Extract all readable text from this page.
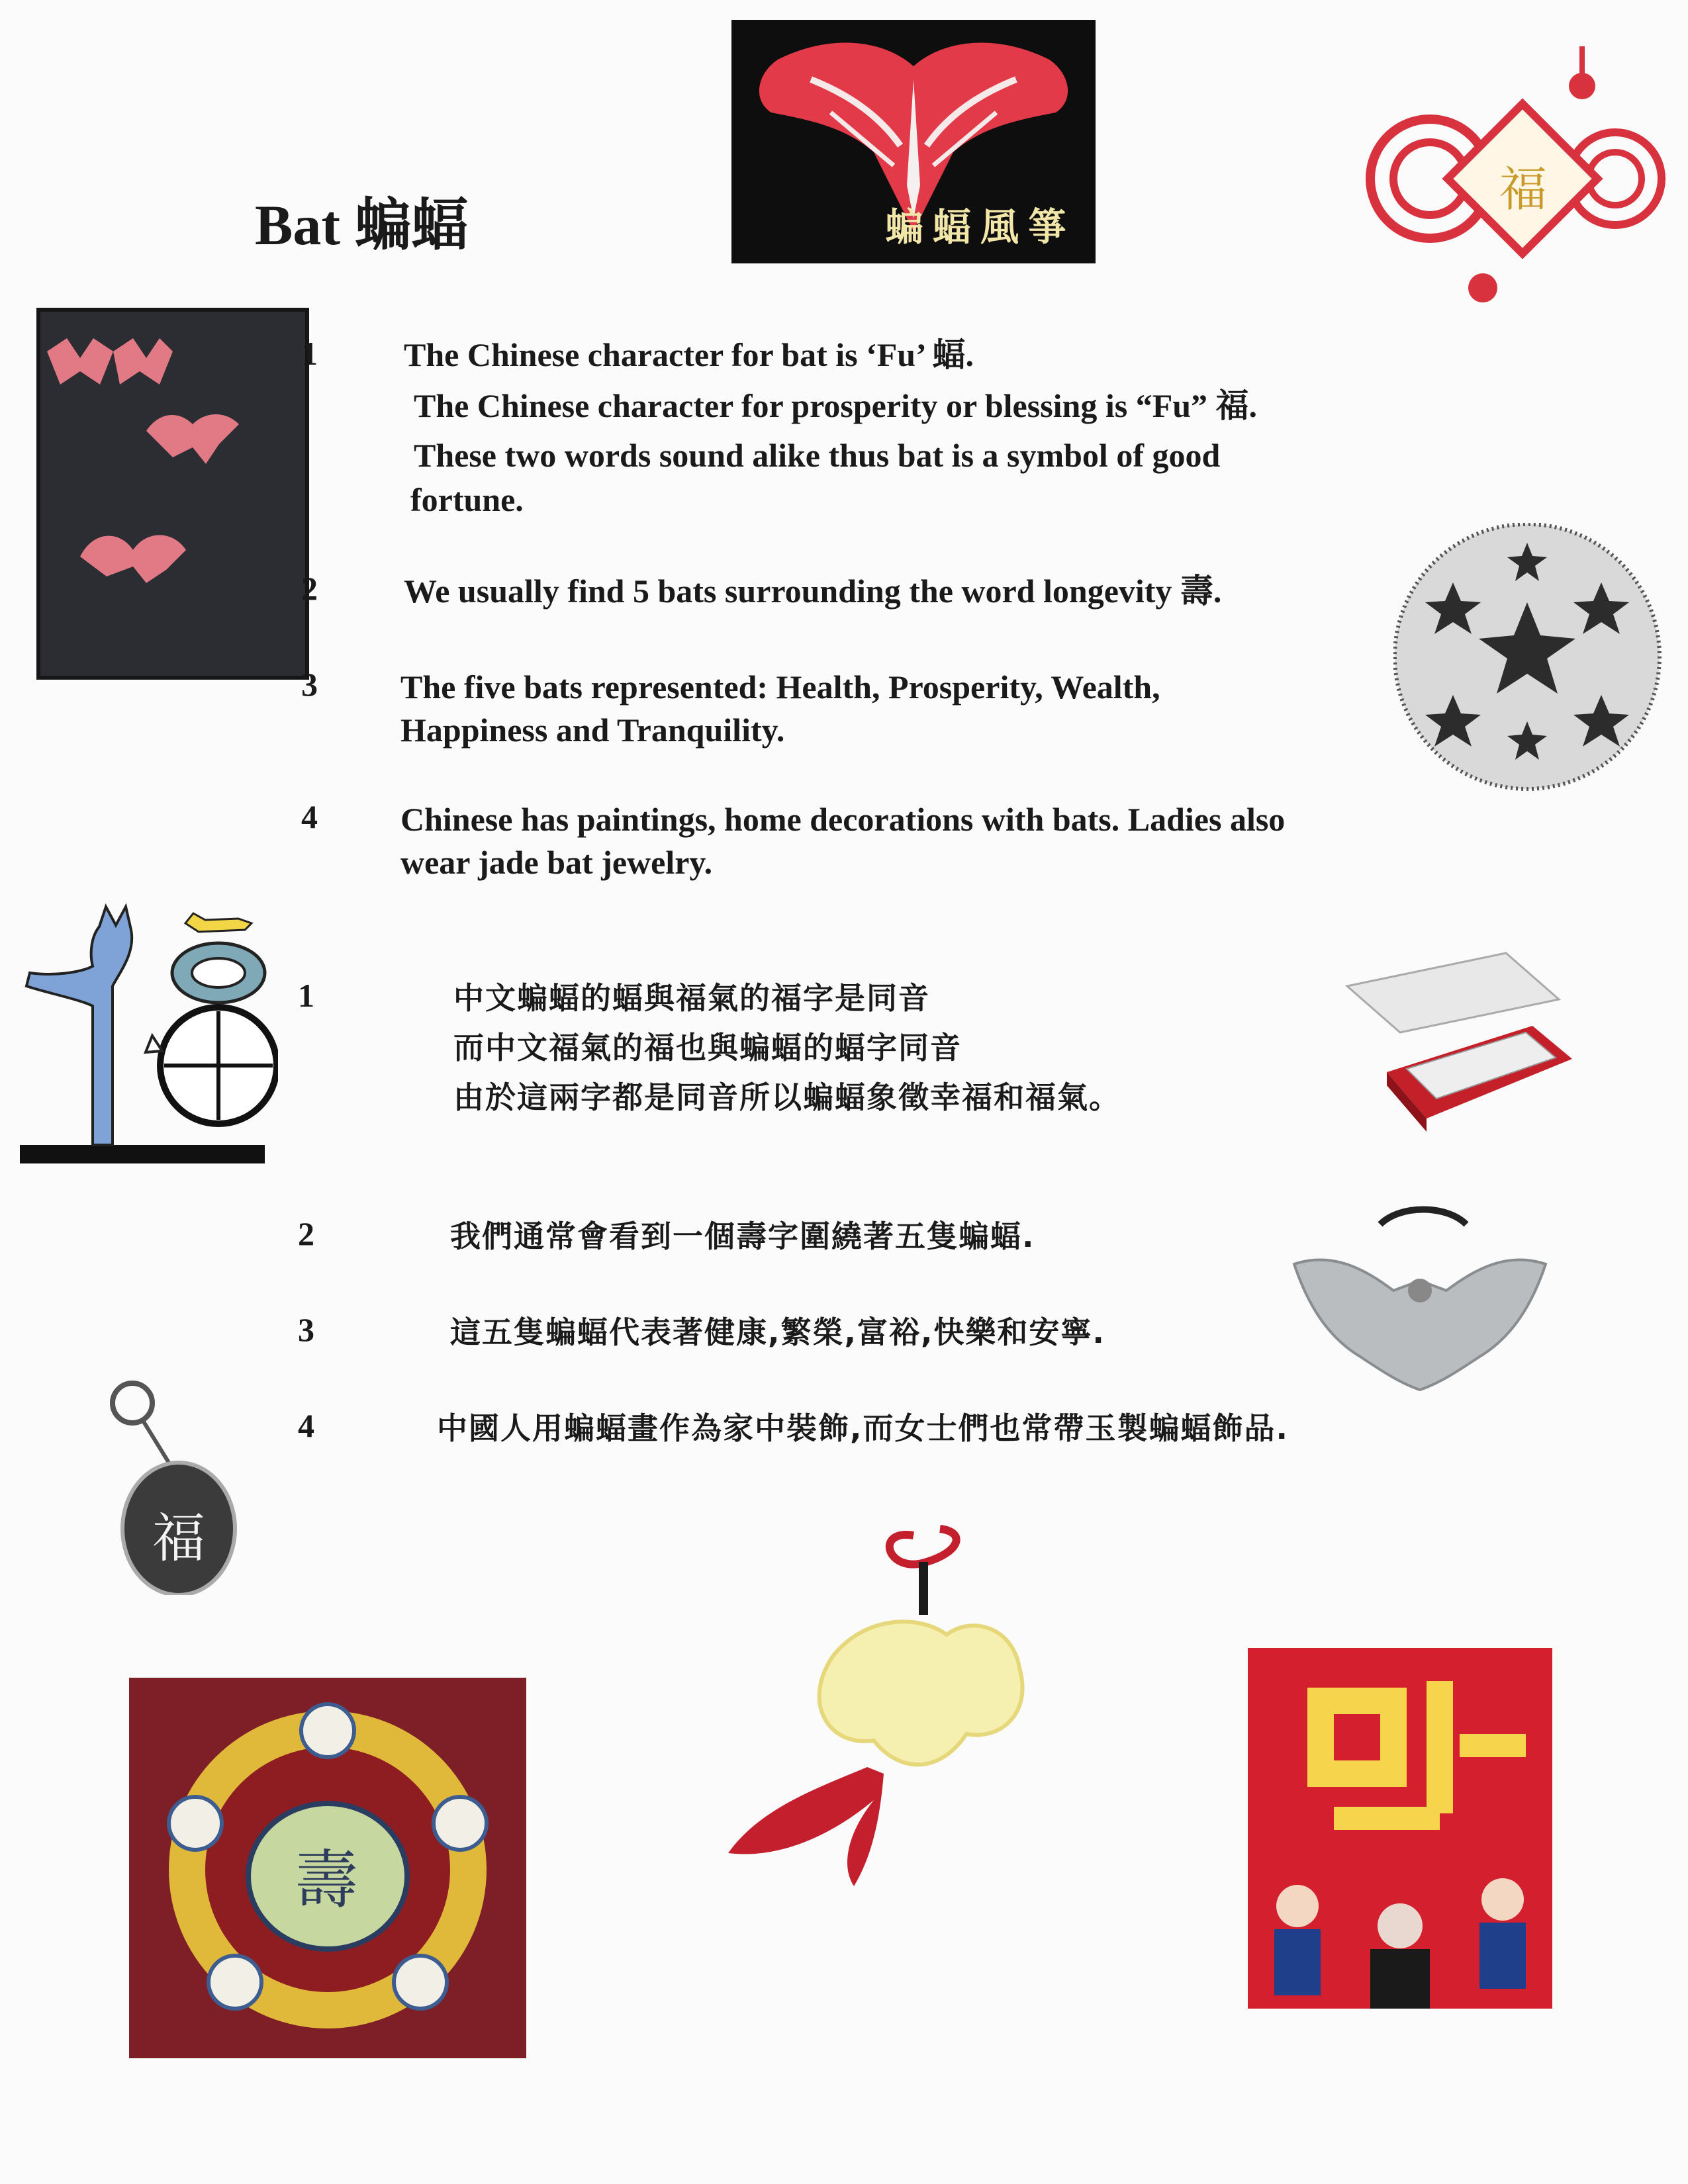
Bat 蝙蝠	蝙蝠風箏
福
1	The Chinese character for bat is ‘Fu’ 蝠.
The Chinese character for prosperity or blessing is “Fu” 福.
These two words sound alike thus bat is a symbol of good
fortune.
2	We usually find 5 bats surrounding the word longevity 壽.
3	The five bats represented: Health, Prosperity, Wealth,
Happiness and Tranquility.
4	Chinese has paintings, home decorations with bats. Ladies also
wear jade bat jewelry.
1	中文蝙蝠的蝠與福氣的福字是同音
而中文福氣的福也與蝙蝠的蝠字同音
由於這兩字都是同音所以蝙蝠象徵幸福和福氣。
2	我們通常會看到一個壽字圍繞著五隻蝙蝠.
3	這五隻蝙蝠代表著健康,繁榮,富裕,快樂和安寧.
4	中國人用蝙蝠畫作為家中裝飾,而女士們也常帶玉製蝙蝠飾品.
福
壽
